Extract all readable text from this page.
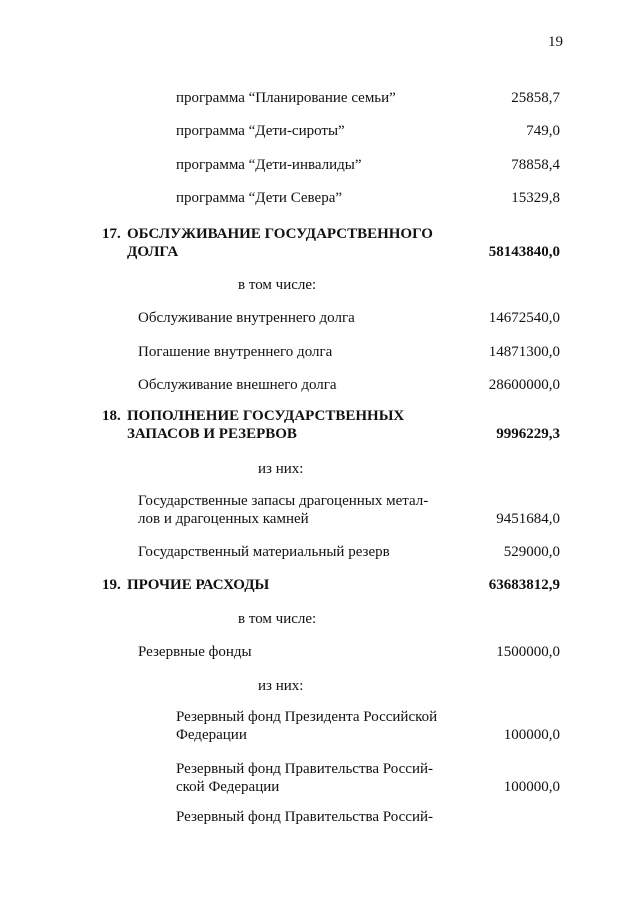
19
программа “Планирование семьи”	25858,7
программа “Дети-сироты”	749,0
программа “Дети-инвалиды”	78858,4
программа “Дети Севера”	15329,8
17. ОБСЛУЖИВАНИЕ ГОСУДАРСТВЕННОГО
ДОЛГА	58143840,0
в том числе:
Обслуживание внутреннего долга	14672540,0
Погашение внутреннего долга	14871300,0
Обслуживание внешнего долга	28600000,0
18. ПОПОЛНЕНИЕ ГОСУДАРСТВЕННЫХ
ЗАПАСОВ И РЕЗЕРВОВ	9996229,3
из них:
Государственные запасы драгоценных метал-
лов и драгоценных камней	9451684,0
Государственный материальный резерв	529000,0
19. ПРОЧИЕ РАСХОДЫ	63683812,9
в том числе:
Резервные фонды	1500000,0
из них:
Резервный фонд Президента Российской
Федерации	100000,0
Резервный фонд Правительства Россий-
ской Федерации	100000,0
Резервный фонд Правительства Россий-
